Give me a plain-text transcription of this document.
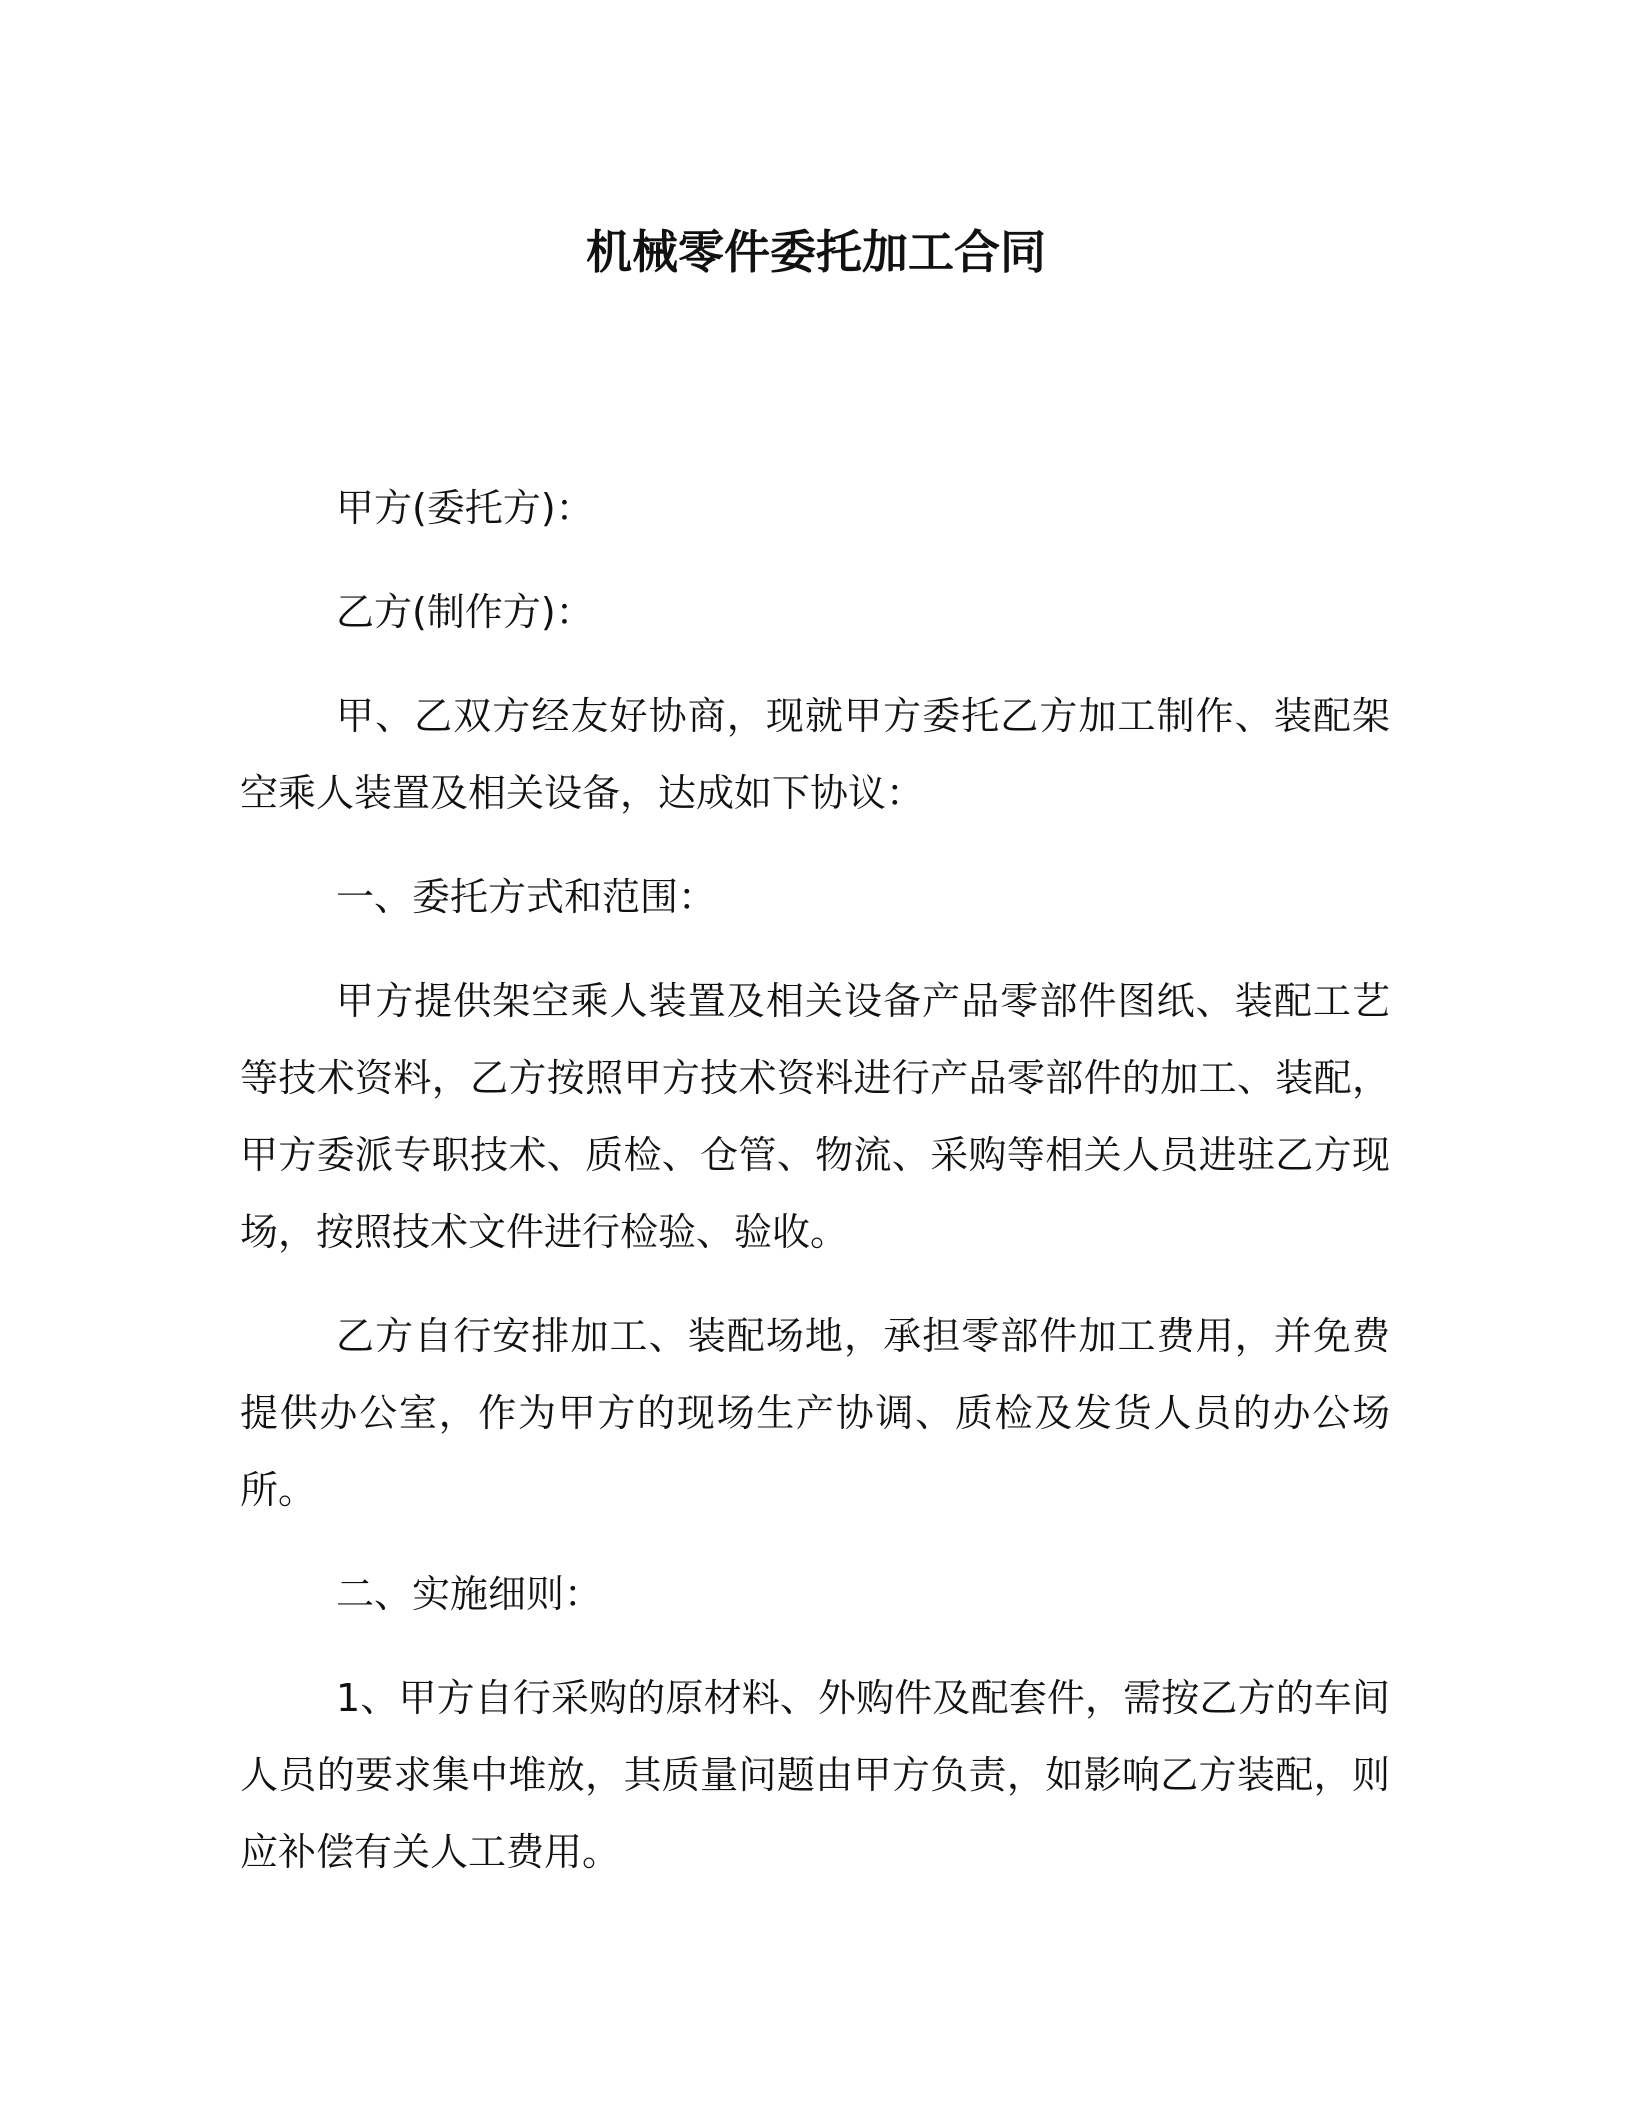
机械零件委托加工合同

甲方(委托方)：

乙方(制作方)：

甲、乙双方经友好协商，现就甲方委托乙方加工制作、装配架空乘人装置及相关设备，达成如下协议：

一、委托方式和范围：

甲方提供架空乘人装置及相关设备产品零部件图纸、装配工艺等技术资料，乙方按照甲方技术资料进行产品零部件的加工、装配，甲方委派专职技术、质检、仓管、物流、采购等相关人员进驻乙方现场，按照技术文件进行检验、验收。

乙方自行安排加工、装配场地，承担零部件加工费用，并免费提供办公室，作为甲方的现场生产协调、质检及发货人员的办公场所。

二、实施细则：

1、甲方自行采购的原材料、外购件及配套件，需按乙方的车间人员的要求集中堆放，其质量问题由甲方负责，如影响乙方装配，则应补偿有关人工费用。
